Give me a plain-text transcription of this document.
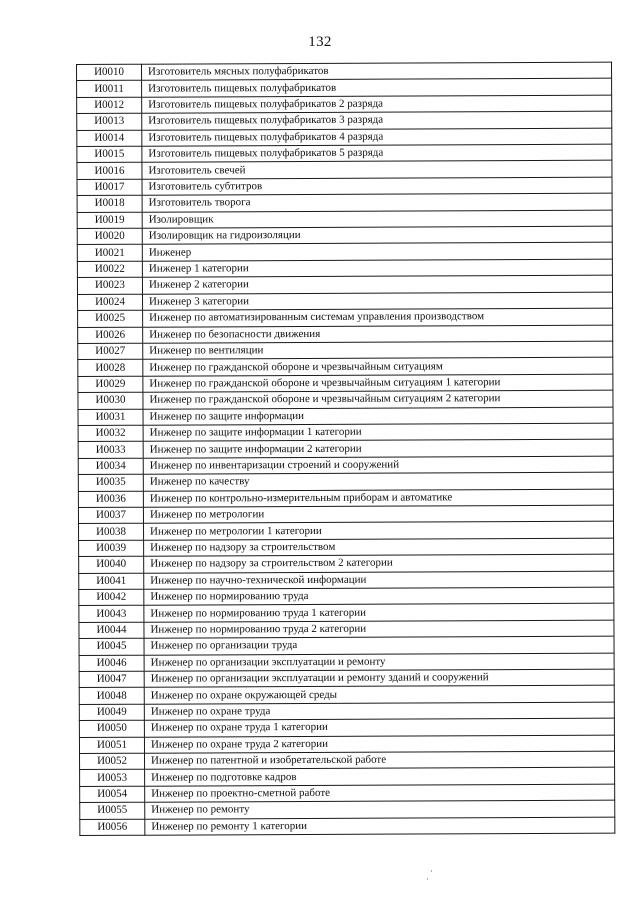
132
И0010	Изготовитель мясных полуфабрикатов
И0011	Изготовитель пищевых полуфабрикатов
И0012	Изготовитель пищевых полуфабрикатов 2 разряда
И0013	Изготовитель пищевых полуфабрикатов 3 разряда
И0014	Изготовитель пищевых полуфабрикатов 4 разряда
И0015	Изготовитель пищевых полуфабрикатов 5 разряда
И0016	Изготовитель свечей
И0017	Изготовитель субтитров
И0018	Изготовитель творога
И0019	Изолировщик
И0020	Изолировщик на гидроизоляции
И0021	Инженер
И0022	Инженер 1 категории
И0023	Инженер 2 категории
И0024	Инженер 3 категории
И0025	Инженер по автоматизированным системам управления производством
И0026	Инженер по безопасности движения
И0027	Инженер по вентиляции
И0028	Инженер по гражданской обороне и чрезвычайным ситуациям
И0029	Инженер по гражданской обороне и чрезвычайным ситуациям 1 категории
И0030	Инженер по гражданской обороне и чрезвычайным ситуациям 2 категории
И0031	Инженер по защите информации
И0032	Инженер по защите информации 1 категории
И0033	Инженер по защите информации 2 категории
И0034	Инженер по инвентаризации строений и сооружений
И0035	Инженер по качеству
И0036	Инженер по контрольно-измерительным приборам и автоматике
И0037	Инженер по метрологии
И0038	Инженер по метрологии 1 категории
И0039	Инженер по надзору за строительством
И0040	Инженер по надзору за строительством 2 категории
И0041	Инженер по научно-технической информации
И0042	Инженер по нормированию труда
И0043	Инженер по нормированию труда 1 категории
И0044	Инженер по нормированию труда 2 категории
И0045	Инженер по организации труда
И0046	Инженер по организации эксплуатации и ремонту
И0047	Инженер по организации эксплуатации и ремонту зданий и сооружений
И0048	Инженер по охране окружающей среды
И0049	Инженер по охране труда
И0050	Инженер по охране труда 1 категории
И0051	Инженер по охране труда 2 категории
И0052	Инженер по патентной и изобретательской работе
И0053	Инженер по подготовке кадров
И0054	Инженер по проектно-сметной работе
И0055	Инженер по ремонту
И0056	Инженер по ремонту 1 категории
·
·
